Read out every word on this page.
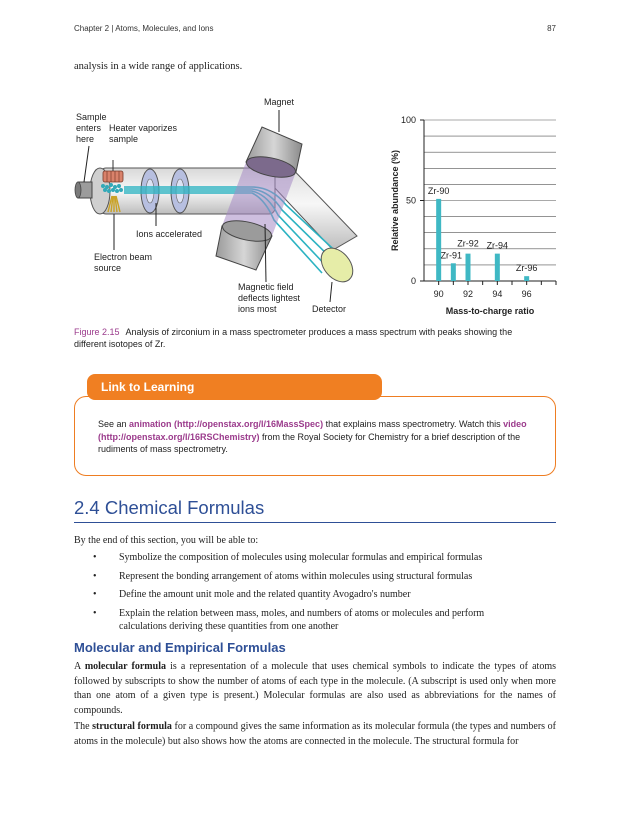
Chapter 2 | Atoms, Molecules, and Ions	87
analysis in a wide range of applications.
Magnet
Sample
enters
here
Heater vaporizes
sample
Ions accelerated
Electron beam
source
Magnetic field
deflects lightest
ions most	Detector
0
50
100
90 92 94 96
Zr-90
Zr-91
Zr-92 Zr-94
Zr-96
Mass-to-charge ratio
Relative abundance (%)
Figure 2.15 Analysis of zirconium in a mass spectrometer produces a mass spectrum with peaks showing the different isotopes of Zr.
Link to Learning
See an animation (http://openstax.org/l/16MassSpec) that explains mass spectrometry. Watch this video (http://openstax.org/l/16RSChemistry) from the Royal Society for Chemistry for a brief description of the rudiments of mass spectrometry.
2.4 Chemical Formulas
By the end of this section, you will be able to:
• Symbolize the composition of molecules using molecular formulas and empirical formulas
• Represent the bonding arrangement of atoms within molecules using structural formulas
• Define the amount unit mole and the related quantity Avogadro's number
• Explain the relation between mass, moles, and numbers of atoms or molecules and perform calculations deriving these quantities from one another
Molecular and Empirical Formulas
A molecular formula is a representation of a molecule that uses chemical symbols to indicate the types of atoms followed by subscripts to show the number of atoms of each type in the molecule. (A subscript is used only when more than one atom of a given type is present.) Molecular formulas are also used as abbreviations for the names of compounds.
The structural formula for a compound gives the same information as its molecular formula (the types and numbers of atoms in the molecule) but also shows how the atoms are connected in the molecule. The structural formula for
